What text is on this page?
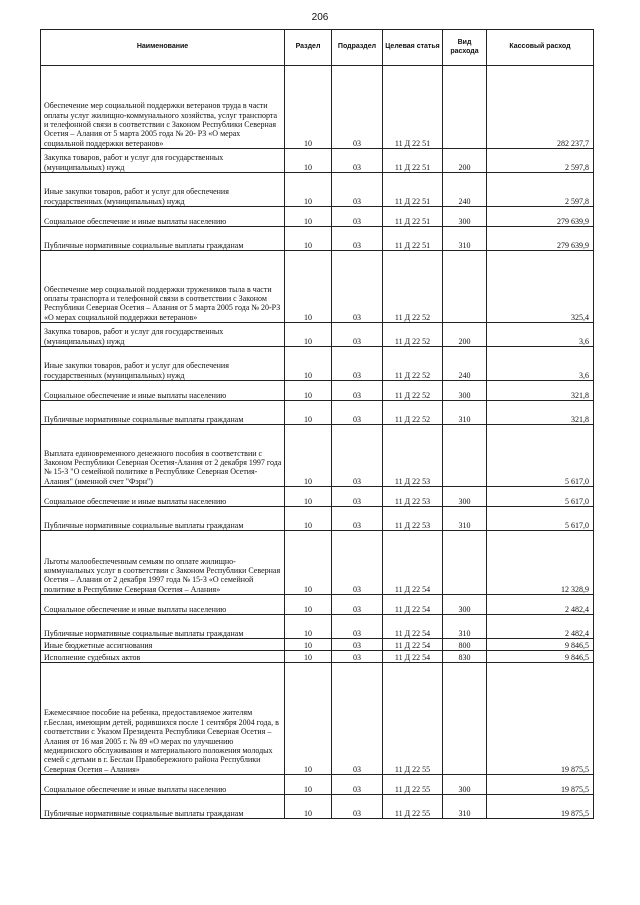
206
Наименование	Раздел	Подраздел	Целевая статья	Вид расхода	Кассовый расход
Обеспечение мер социальной поддержки ветеранов труда в части оплаты услуг жилищно-коммунального хозяйства, услуг транспорта и телефонной связи в соответствии с Законом Республики Северная Осетия – Алания от 5 марта 2005 года № 20- РЗ «О мерах социальной поддержки ветеранов»	10	03	11 Д 22 51		282 237,7
Закупка товаров, работ и услуг для государственных (муниципальных) нужд	10	03	11 Д 22 51	200	2 597,8
Иные закупки товаров, работ и услуг для обеспечения государственных (муниципальных) нужд	10	03	11 Д 22 51	240	2 597,8
Социальное обеспечение и иные выплаты населению	10	03	11 Д 22 51	300	279 639,9
Публичные нормативные социальные выплаты гражданам	10	03	11 Д 22 51	310	279 639,9
Обеспечение мер социальной поддержки тружеников тыла в части оплаты транспорта и телефонной связи в соответствии с Законом Республики Северная Осетия – Алания от 5 марта 2005 года № 20-РЗ «О мерах социальной поддержки ветеранов»	10	03	11 Д 22 52		325,4
Закупка товаров, работ и услуг для государственных (муниципальных) нужд	10	03	11 Д 22 52	200	3,6
Иные закупки товаров, работ и услуг для обеспечения государственных (муниципальных) нужд	10	03	11 Д 22 52	240	3,6
Социальное обеспечение и иные выплаты населению	10	03	11 Д 22 52	300	321,8
Публичные нормативные социальные выплаты гражданам	10	03	11 Д 22 52	310	321,8
Выплата единовременного денежного пособия в соответствии с Законом Республики Северная Осетия-Алания от 2 декабря 1997 года № 15-З "О семейной политике в Республике Северная Осетия-Алания" (именной счет "Фэрн")	10	03	11 Д 22 53		5 617,0
Социальное обеспечение и иные выплаты населению	10	03	11 Д 22 53	300	5 617,0
Публичные нормативные социальные выплаты гражданам	10	03	11 Д 22 53	310	5 617,0
Льготы малообеспеченным семьям по оплате жилищно-коммунальных услуг в соответствии с Законом Республики Северная Осетия – Алания от 2 декабря 1997 года № 15-З «О семейной политике в Республике Северная Осетия – Алания»	10	03	11 Д 22 54		12 328,9
Социальное обеспечение и иные выплаты населению	10	03	11 Д 22 54	300	2 482,4
Публичные нормативные социальные выплаты гражданам	10	03	11 Д 22 54	310	2 482,4
Иные бюджетные ассигнования	10	03	11 Д 22 54	800	9 846,5
Исполнение судебных актов	10	03	11 Д 22 54	830	9 846,5
Ежемесячное пособие на ребенка, предоставляемое жителям г.Беслан, имеющим детей, родившихся после 1 сентября 2004 года, в соответствии с Указом Президента Республики Северная Осетия – Алания от 16 мая 2005 г. № 89 «О мерах по улучшению медицинского обслуживания и материального положения молодых семей с детьми в г. Беслан Правобережного района Республики Северная Осетия – Алания»	10	03	11 Д 22 55		19 875,5
Социальное обеспечение и иные выплаты населению	10	03	11 Д 22 55	300	19 875,5
Публичные нормативные социальные выплаты гражданам	10	03	11 Д 22 55	310	19 875,5
